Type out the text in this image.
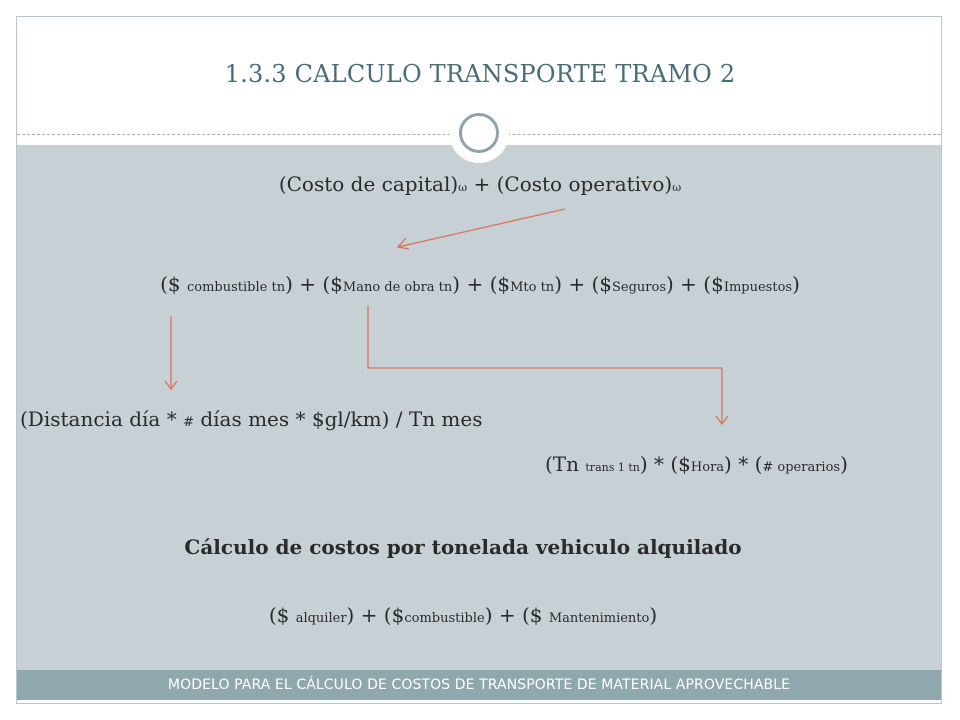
1.3.3 CALCULO TRANSPORTE TRAMO 2
(Costo de capital)ω + (Costo operativo)ω
($ combustible tn) + ($Mano de obra tn) + ($Mto tn) + ($Seguros) + ($Impuestos)
(Distancia día * # días mes * $gl/km) / Tn mes
(Tn trans 1 tn) * ($Hora) * (# operarios)
Cálculo de costos por tonelada vehiculo alquilado
($ alquiler) + ($combustible) + ($ Mantenimiento)
MODELO PARA EL CÁLCULO DE COSTOS DE TRANSPORTE DE MATERIAL APROVECHABLE
